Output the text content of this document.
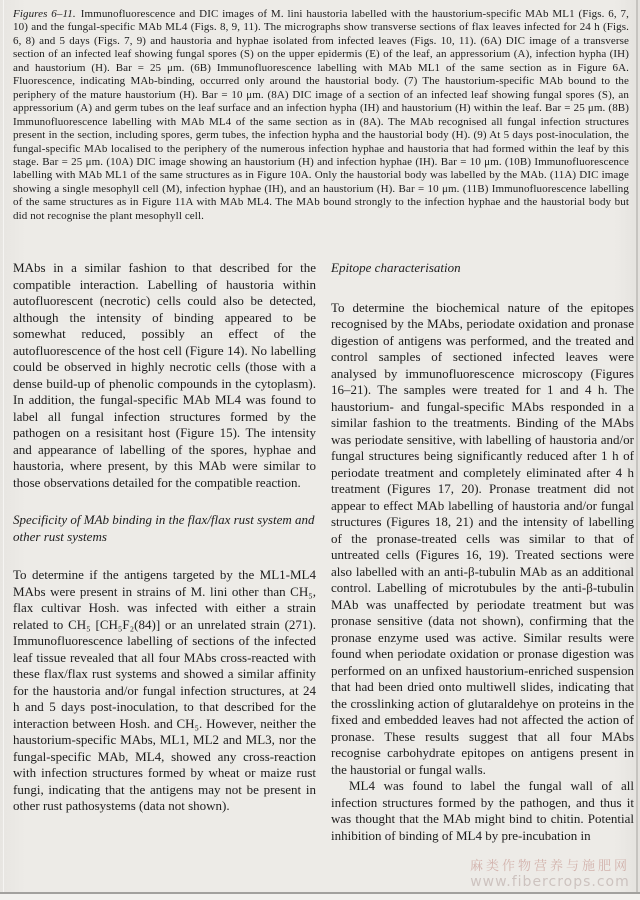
Figures 6–11. Immunofluorescence and DIC images of M. lini haustoria labelled with the haustorium-specific MAb ML1 (Figs. 6, 7, 10) and the fungal-specific MAb ML4 (Figs. 8, 9, 11). The micrographs show transverse sections of flax leaves infected for 24 h (Figs. 6, 8) and 5 days (Figs. 7, 9) and haustoria and hyphae isolated from infected leaves (Figs. 10, 11). (6A) DIC image of a transverse section of an infected leaf showing fungal spores (S) on the upper epidermis (E) of the leaf, an appressorium (A), infection hypha (IH) and haustorium (H). Bar = 25 μm. (6B) Immunofluorescence labelling with MAb ML1 of the same section as in Figure 6A. Fluorescence, indicating MAb-binding, occurred only around the haustorial body. (7) The haustorium-specific MAb bound to the periphery of the mature haustorium (H). Bar = 10 μm. (8A) DIC image of a section of an infected leaf showing fungal spores (S), an appressorium (A) and germ tubes on the leaf surface and an infection hypha (IH) and haustorium (H) within the leaf. Bar = 25 μm. (8B) Immunofluorescence labelling with MAb ML4 of the same section as in (8A). The MAb recognised all fungal infection structures present in the section, including spores, germ tubes, the infection hypha and the haustorial body (H). (9) At 5 days post-inoculation, the fungal-specific MAb localised to the periphery of the numerous infection hyphae and haustoria that had formed within the leaf by this stage. Bar = 25 μm. (10A) DIC image showing an haustorium (H) and infection hyphae (IH). Bar = 10 μm. (10B) Immunofluorescence labelling with MAb ML1 of the same structures as in Figure 10A. Only the haustorial body was labelled by the MAb. (11A) DIC image showing a single mesophyll cell (M), infection hyphae (IH), and an haustorium (H). Bar = 10 μm. (11B) Immunofluorescence labelling of the same structures as in Figure 11A with MAb ML4. The MAb bound strongly to the infection hyphae and the haustorial body but did not recognise the plant mesophyll cell.

MAbs in a similar fashion to that described for the compatible interaction. Labelling of haustoria within autofluorescent (necrotic) cells could also be detected, although the intensity of binding appeared to be somewhat reduced, possibly an effect of the autofluorescence of the host cell (Figure 14). No labelling could be observed in highly necrotic cells (those with a dense build-up of phenolic compounds in the cytoplasm). In addition, the fungal-specific MAb ML4 was found to label all fungal infection structures formed by the pathogen on a resisitant host (Figure 15). The intensity and appearance of labelling of the spores, hyphae and haustoria, where present, by this MAb were similar to those observations detailed for the compatible reaction.

Specificity of MAb binding in the flax/flax rust system and other rust systems

To determine if the antigens targeted by the ML1-ML4 MAbs were present in strains of M. lini other than CH₅, flax cultivar Hosh. was infected with either a strain related to CH₅ [CH₅F₂(84)] or an unrelated strain (271). Immunofluorescence labelling of sections of the infected leaf tissue revealed that all four MAbs cross-reacted with these flax/flax rust systems and showed a similar affinity for the haustoria and/or fungal infection structures, at 24 h and 5 days post-inoculation, to that described for the interaction between Hosh. and CH₅. However, neither the haustorium-specific MAbs, ML1, ML2 and ML3, nor the fungal-specific MAb, ML4, showed any cross-reaction with infection structures formed by wheat or maize rust fungi, indicating that the antigens may not be present in other rust pathosystems (data not shown).

Epitope characterisation

To determine the biochemical nature of the epitopes recognised by the MAbs, periodate oxidation and pronase digestion of antigens was performed, and the treated and control samples of sectioned infected leaves were analysed by immunofluorescence microscopy (Figures 16–21). The samples were treated for 1 and 4 h. The haustorium- and fungal-specific MAbs responded in a similar fashion to the treatments. Binding of the MAbs was periodate sensitive, with labelling of haustoria and/or fungal structures being significantly reduced after 1 h of periodate treatment and completely eliminated after 4 h treatment (Figures 17, 20). Pronase treatment did not appear to effect MAb labelling of haustoria and/or fungal structures (Figures 18, 21) and the intensity of labelling of the pronase-treated cells was similar to that of untreated cells (Figures 16, 19). Treated sections were also labelled with an anti-β-tubulin MAb as an additional control. Labelling of microtubules by the anti-β-tubulin MAb was unaffected by periodate treatment but was pronase sensitive (data not shown), confirming that the pronase enzyme used was active. Similar results were found when periodate oxidation or pronase digestion was performed on an unfixed haustorium-enriched suspension that had been dried onto multiwell slides, indicating that the crosslinking action of glutaraldehye on proteins in the fixed and embedded leaves had not affected the action of pronase. These results suggest that all four MAbs recognise carbohydrate epitopes on antigens present in the haustorial or fungal walls.

ML4 was found to label the fungal wall of all infection structures formed by the pathogen, and thus it was thought that the MAb might bind to chitin. Potential inhibition of binding of ML4 by pre-incubation in

麻类作物营养与施肥网
www.fibercrops.com
